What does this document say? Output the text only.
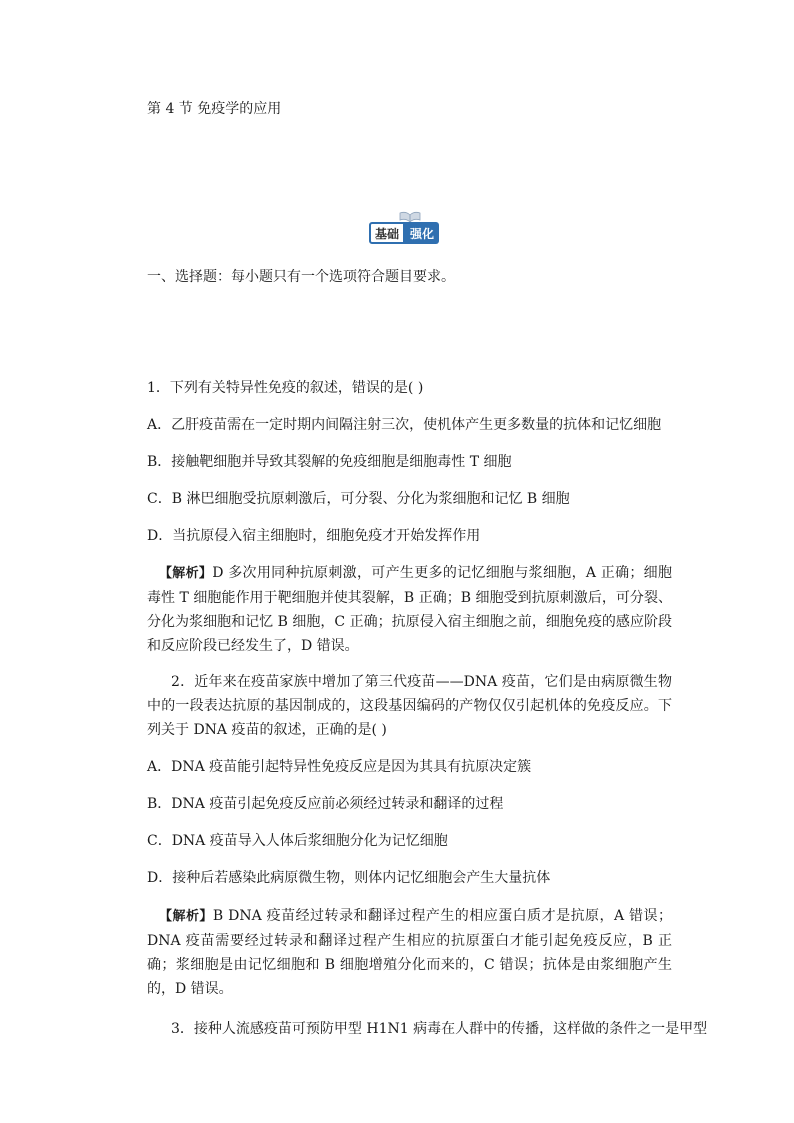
第 4 节 免疫学的应用
基础 强化
一、选择题：每小题只有一个选项符合题目要求。
1．下列有关特异性免疫的叙述，错误的是( )
A．乙肝疫苗需在一定时期内间隔注射三次，使机体产生更多数量的抗体和记忆细胞
B．接触靶细胞并导致其裂解的免疫细胞是细胞毒性 T 细胞
C．B 淋巴细胞受抗原刺激后，可分裂、分化为浆细胞和记忆 B 细胞
D．当抗原侵入宿主细胞时，细胞免疫才开始发挥作用
【解析】D 多次用同种抗原刺激，可产生更多的记忆细胞与浆细胞，A 正确；细胞毒性 T 细胞能作用于靶细胞并使其裂解，B 正确；B 细胞受到抗原刺激后，可分裂、分化为浆细胞和记忆 B 细胞，C 正确；抗原侵入宿主细胞之前，细胞免疫的感应阶段和反应阶段已经发生了，D 错误。
2．近年来在疫苗家族中增加了第三代疫苗——DNA 疫苗，它们是由病原微生物中的一段表达抗原的基因制成的，这段基因编码的产物仅仅引起机体的免疫反应。下列关于 DNA 疫苗的叙述，正确的是( )
A．DNA 疫苗能引起特异性免疫反应是因为其具有抗原决定簇
B．DNA 疫苗引起免疫反应前必须经过转录和翻译的过程
C．DNA 疫苗导入人体后浆细胞分化为记忆细胞
D．接种后若感染此病原微生物，则体内记忆细胞会产生大量抗体
【解析】B DNA 疫苗经过转录和翻译过程产生的相应蛋白质才是抗原，A 错误；DNA 疫苗需要经过转录和翻译过程产生相应的抗原蛋白才能引起免疫反应，B 正确；浆细胞是由记忆细胞和 B 细胞增殖分化而来的，C 错误；抗体是由浆细胞产生的，D 错误。
3．接种人流感疫苗可预防甲型 H1N1 病毒在人群中的传播，这样做的条件之一是甲型
